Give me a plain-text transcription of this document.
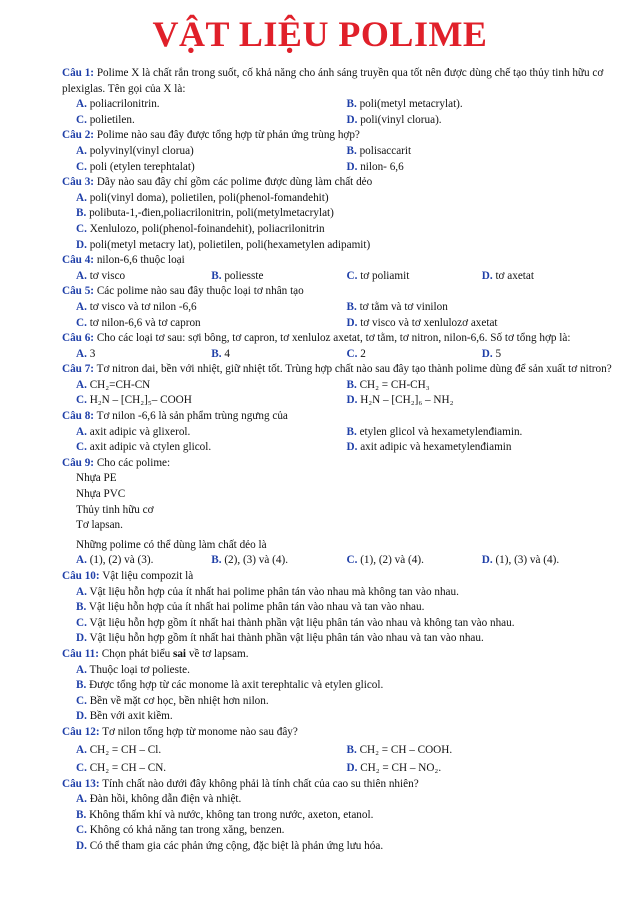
VẬT LIỆU POLIME
Câu 1: Polime X là chất rắn trong suốt, cố khả năng cho ánh sáng truyền qua tốt nên được dùng chế tạo thủy tinh hữu cơ plexiglas. Tên gọi của X là:
A. poliacrilonitrin.	B. poli(metyl metacrylat).
C. polietilen.	D. poli(vinyl clorua).
Câu 2: Polime nào sau đây được tổng hợp từ phản ứng trùng hợp?
A. polyvinyl(vinyl clorua)	B. polisaccarit
C. poli (etylen terephtalat)	D. nilon- 6,6
Câu 3: Dãy nào sau đây chỉ gồm các polime được dùng làm chất dẻo
A. poli(vinyl doma), polietilen, poli(phenol-fomandehit)
B. polibuta-1,-đien,poliacrilonitrin, poli(metylmetacrylat)
C. Xenlulozo, poli(phenol-foinandehit), poliacrilonitrin
D. poli(metyl metacry lat), polietilen, poli(hexametylen adipamit)
Câu 4: nilon-6,6 thuộc loại
A. tơ visco	B. poliesste	C. tơ poliamit	D. tơ axetat
Câu 5: Các polime nào sau đây thuộc loại tơ nhân tạo
A. tơ visco và tơ nilon -6,6	B. tơ tằm và tơ vinilon
C. tơ nilon-6,6 và tơ capron	D. tơ visco và tơ xenlulozơ axetat
Câu 6: Cho các loại tơ sau: sợi bông, tơ capron, tơ xenluloz axetat, tơ tằm, tơ nitron, nilon-6,6. Số tơ tổng hợp là:
A. 3	B. 4	C. 2	D. 5
Câu 7: Tơ nitron dai, bền với nhiệt, giữ nhiệt tốt. Trùng hợp chất nào sau đây tạo thành polime dùng để sản xuất tơ nitron?
A. CH₂=CH-CN	B. CH₂ = CH-CH₃
C. H₂N – [CH₂]₅– COOH	D. H₂N – [CH₂]₆ – NH₂
Câu 8: Tơ nilon -6,6 là sản phẩm trùng ngưng của
A. axit adipic và glixerol.	B. etylen glicol và hexametylenđiamin.
C. axit adipic và ctylen glicol.	D. axit adipic và hexametylenđiamin
Câu 9: Cho các polime:
Nhựa PE
Nhựa PVC
Thủy tinh hữu cơ
Tơ lapsan.
Những polime có thể dùng làm chất dẻo là
A. (1), (2) và (3).	B. (2), (3) và (4).	C. (1), (2) và (4).	D. (1), (3) và (4).
Câu 10: Vật liệu compozit là
A. Vật liệu hỗn hợp của ít nhất hai polime phân tán vào nhau mà không tan vào nhau.
B. Vật liệu hỗn hợp của ít nhất hai polime phân tán vào nhau và tan vào nhau.
C. Vật liệu hỗn hợp gồm ít nhất hai thành phần vật liệu phân tán vào nhau và không tan vào nhau.
D. Vật liệu hỗn hợp gồm ít nhất hai thành phần vật liệu phân tán vào nhau và tan vào nhau.
Câu 11: Chọn phát biểu sai về tơ lapsam.
A. Thuộc loại tơ polieste.
B. Được tổng hợp từ các monome là axit terephtalic và etylen glicol.
C. Bền về mặt cơ học, bền nhiệt hơn nilon.
D. Bền với axit kiềm.
Câu 12: Tơ nilon tổng hợp từ monome nào sau đây?
A. CH₂ = CH – Cl.	B. CH₂ = CH – COOH.
C. CH₂ = CH – CN.	D. CH₂ = CH – NO₂.
Câu 13: Tính chất nào dưới đây không phải là tính chất của cao su thiên nhiên?
A. Đàn hồi, không dẫn điện và nhiệt.
B. Không thấm khí và nước, không tan trong nước, axeton, etanol.
C. Không có khả năng tan trong xăng, benzen.
D. Có thể tham gia các phản ứng cộng, đặc biệt là phản ứng lưu hóa.
